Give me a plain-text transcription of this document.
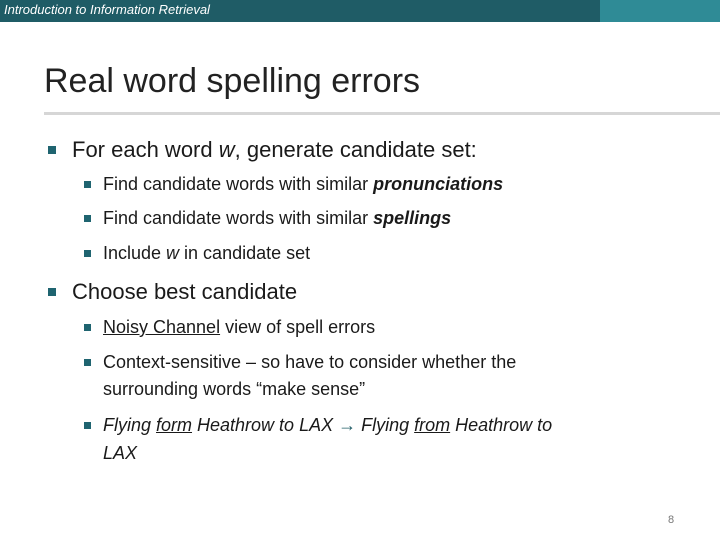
Introduction to Information Retrieval
Real word spelling errors
For each word w, generate candidate set:
Find candidate words with similar pronunciations
Find candidate words with similar spellings
Include w in candidate set
Choose best candidate
Noisy Channel view of spell errors
Context-sensitive – so have to consider whether the
surrounding words “make sense”
Flying form Heathrow to LAX → Flying from Heathrow to
LAX
8
